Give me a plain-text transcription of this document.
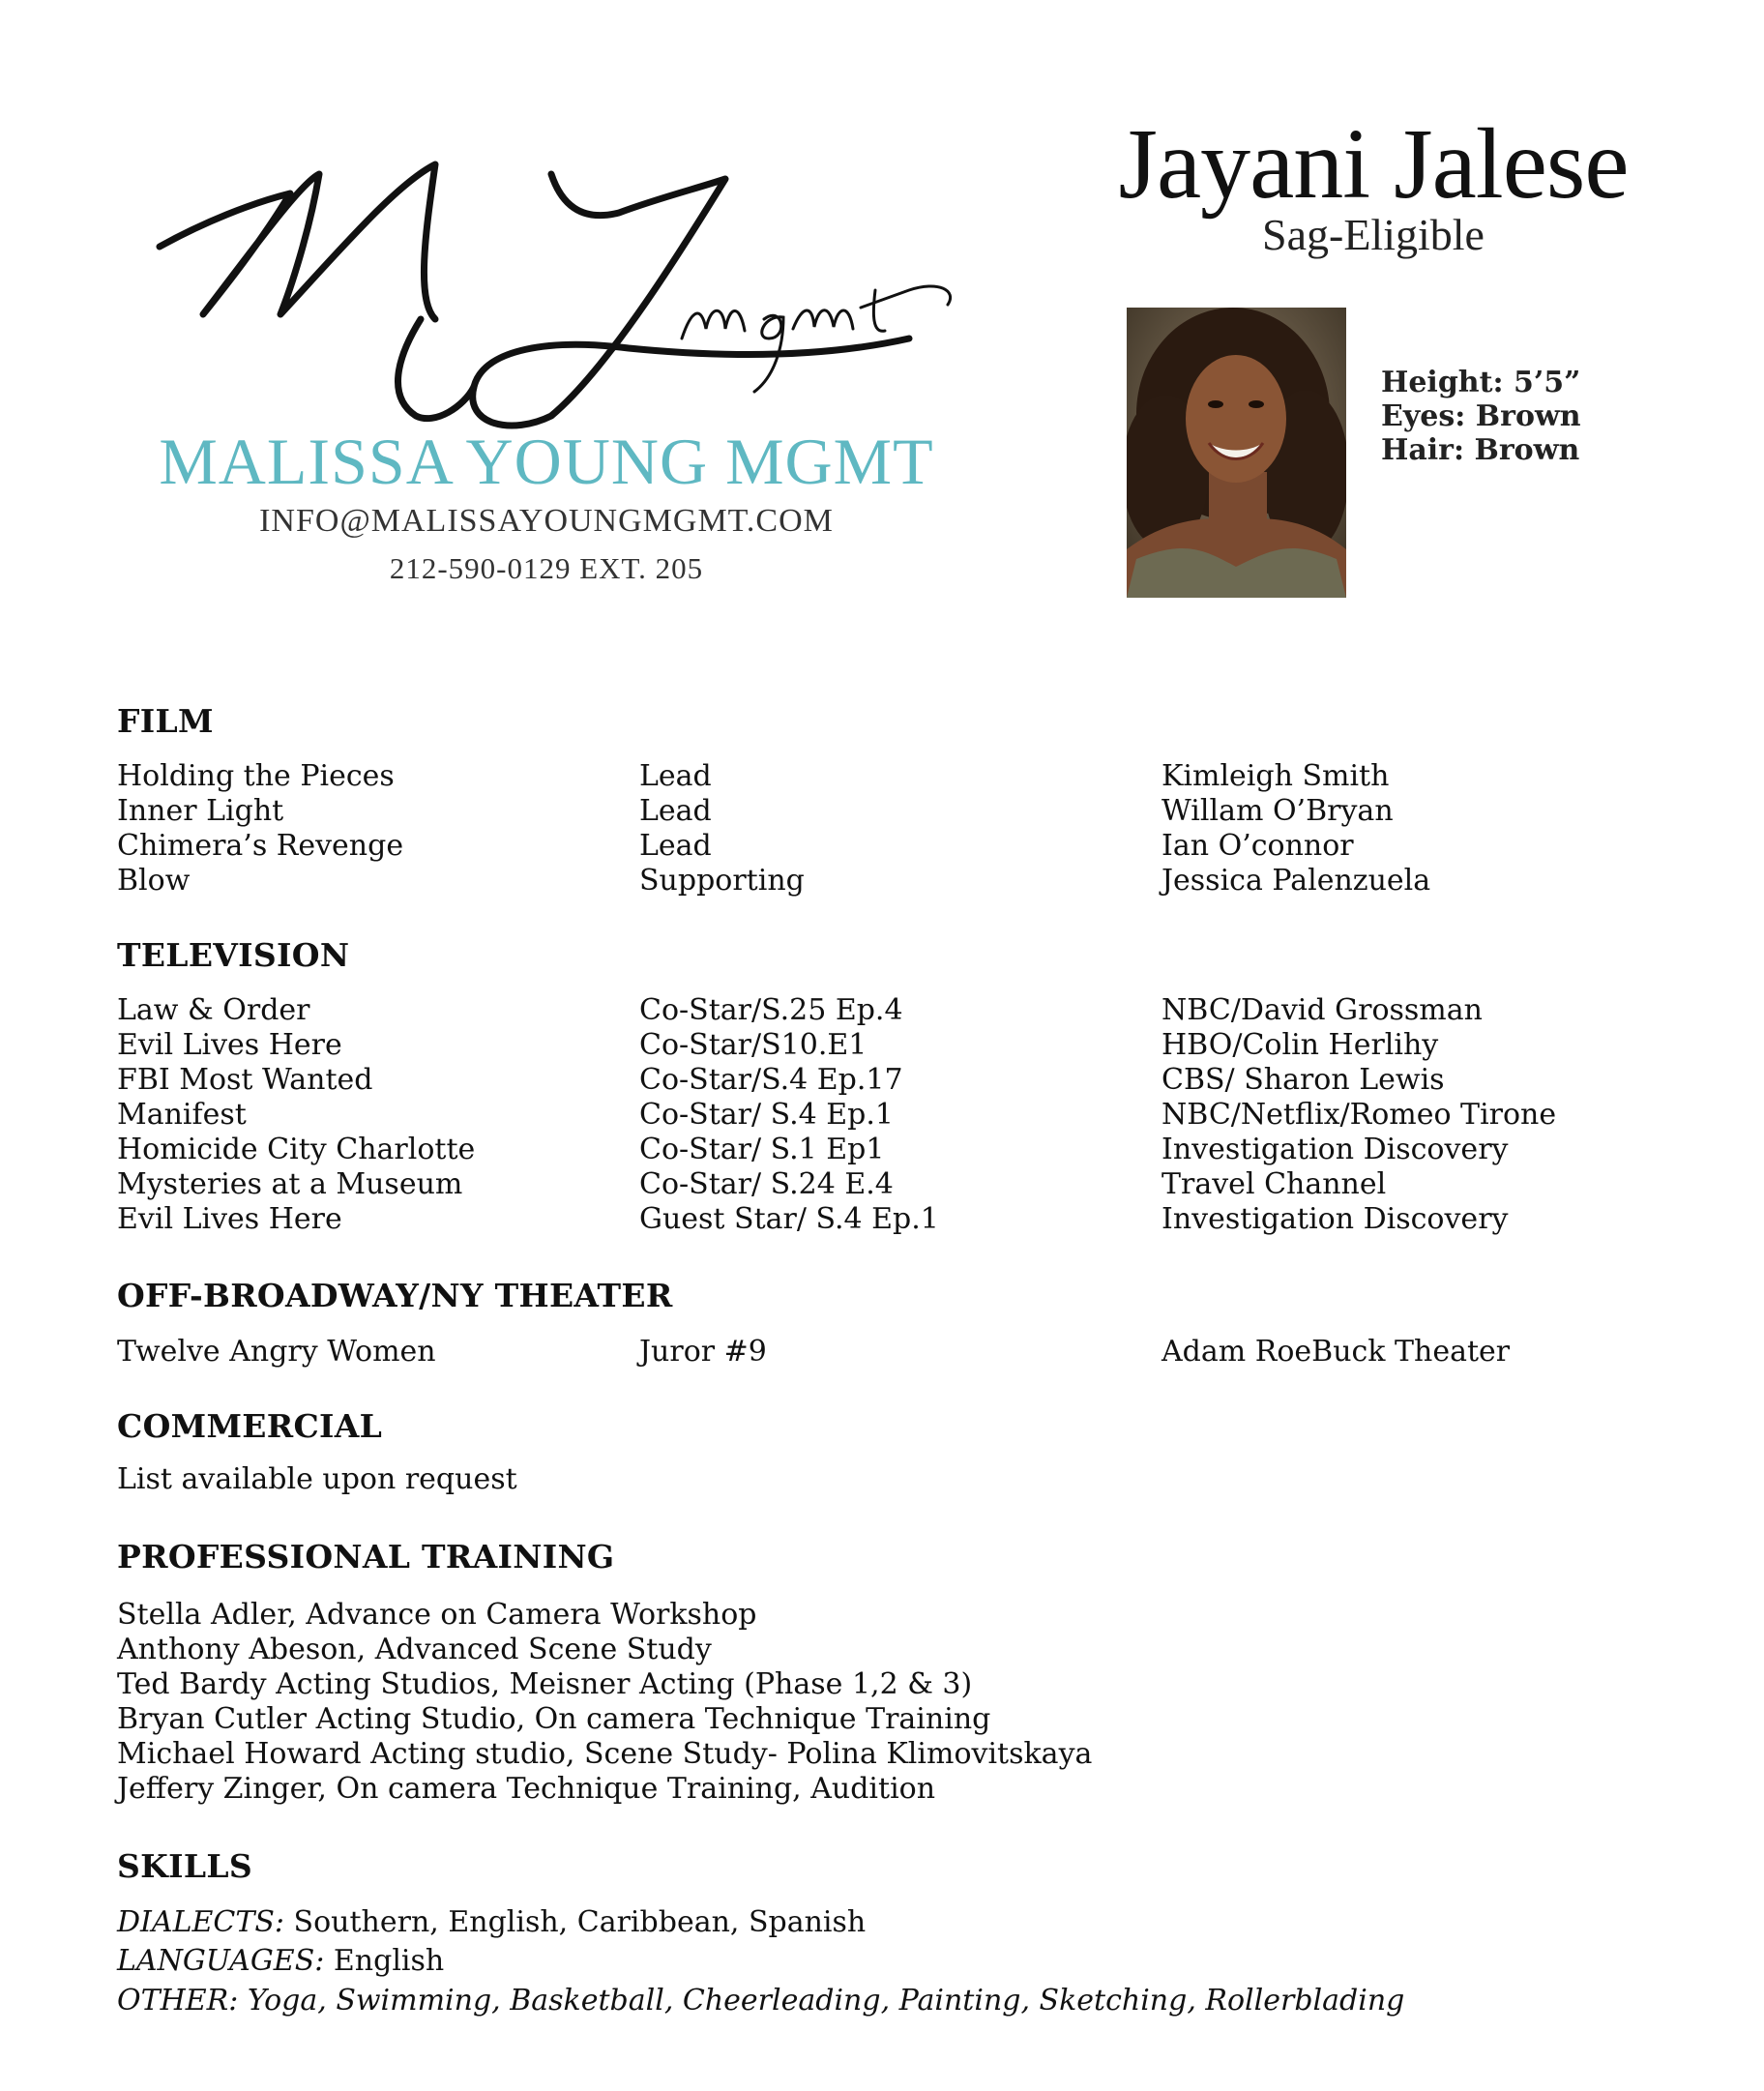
MALISSA YOUNG MGMT
INFO@MALISSAYOUNGMGMT.COM
212-590-0129 EXT. 205
Jayani Jalese
Sag-Eligible
Height: 5’5”
Eyes: Brown
Hair: Brown
FILM
Holding the Pieces	Lead	Kimleigh Smith
Inner Light	Lead	Willam O’Bryan
Chimera’s Revenge	Lead	Ian O’connor
Blow	Supporting	Jessica Palenzuela
TELEVISION
Law & Order	Co-Star/S.25 Ep.4	NBC/David Grossman
Evil Lives Here	Co-Star/S10.E1	HBO/Colin Herlihy
FBI Most Wanted	Co-Star/S.4 Ep.17	CBS/ Sharon Lewis
Manifest	Co-Star/ S.4 Ep.1	NBC/Netflix/Romeo Tirone
Homicide City Charlotte	Co-Star/ S.1 Ep1	Investigation Discovery
Mysteries at a Museum	Co-Star/ S.24 E.4	Travel Channel
Evil Lives Here	Guest Star/ S.4 Ep.1	Investigation Discovery
OFF-BROADWAY/NY THEATER
Twelve Angry Women	Juror #9	Adam RoeBuck Theater
COMMERCIAL
List available upon request
PROFESSIONAL TRAINING
Stella Adler, Advance on Camera Workshop
Anthony Abeson, Advanced Scene Study
Ted Bardy Acting Studios, Meisner Acting (Phase 1,2 & 3)
Bryan Cutler Acting Studio, On camera Technique Training
Michael Howard Acting studio, Scene Study- Polina Klimovitskaya
Jeffery Zinger, On camera Technique Training, Audition
SKILLS
DIALECTS: Southern, English, Caribbean, Spanish
LANGUAGES: English
OTHER: Yoga, Swimming, Basketball, Cheerleading, Painting, Sketching, Rollerblading
